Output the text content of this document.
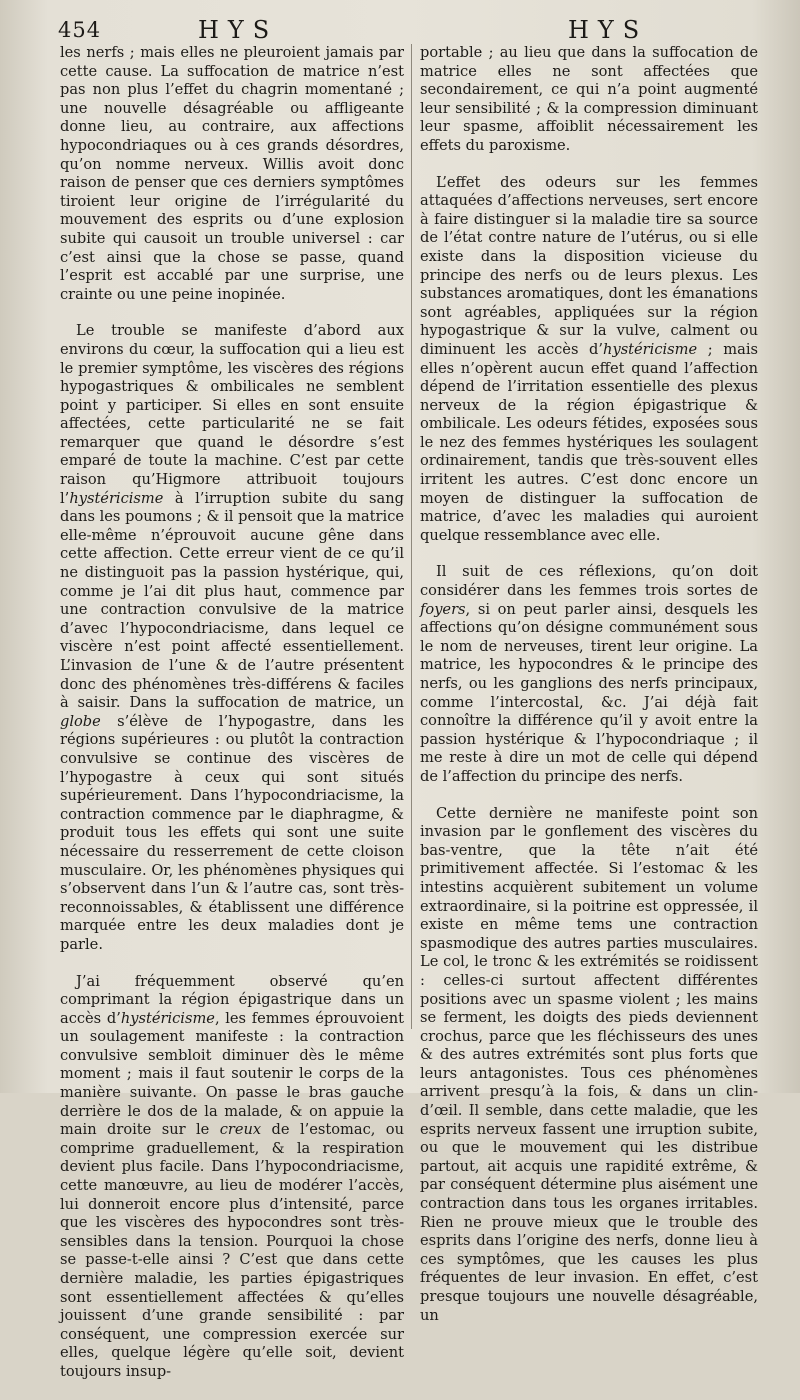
454	HYS	HYS

les nerfs ; mais elles ne pleuroient jamais par cette cause. La suffocation de matrice n’est pas non plus l’effet du chagrin momentané ; une nouvelle désagréable ou affligeante donne lieu, au contraire, aux affections hypocondriaques ou à ces grands désordres, qu’on nomme nerveux. Willis avoit donc raison de penser que ces derniers symptômes tiroient leur origine de l’irrégularité du mouvement des esprits ou d’une explosion subite qui causoit un trouble universel : car c’est ainsi que la chose se passe, quand l’esprit est accablé par une surprise, une crainte ou une peine inopinée.

Le trouble se manifeste d’abord aux environs du cœur, la suffocation qui a lieu est le premier symptôme, les viscères des régions hypogastriques & ombilicales ne semblent point y participer. Si elles en sont ensuite affectées, cette particularité ne se fait remarquer que quand le désordre s’est emparé de toute la machine. C’est par cette raison qu’Higmore attribuoit toujours l’hystéricisme à l’irruption subite du sang dans les poumons ; & il pensoit que la matrice elle-même n’éprouvoit aucune gêne dans cette affection. Cette erreur vient de ce qu’il ne distinguoit pas la passion hystérique, qui, comme je l’ai dit plus haut, commence par une contraction convulsive de la matrice d’avec l’hypocondriacisme, dans lequel ce viscère n’est point affecté essentiellement. L’invasion de l’une & de l’autre présentent donc des phénomènes très-différens & faciles à saisir. Dans la suffocation de matrice, un globe s’élève de l’hypogastre, dans les régions supérieures : ou plutôt la contraction convulsive se continue des viscères de l’hypogastre à ceux qui sont situés supérieurement. Dans l’hypocondriacisme, la contraction commence par le diaphragme, & produit tous les effets qui sont une suite nécessaire du resserrement de cette cloison musculaire. Or, les phénomènes physiques qui s’observent dans l’un & l’autre cas, sont très-reconnoissables, & établissent une différence marquée entre les deux maladies dont je parle.

J’ai fréquemment observé qu’en comprimant la région épigastrique dans un accès d’hystéricisme, les femmes éprouvoient un soulagement manifeste : la contraction convulsive sembloit diminuer dès le même moment ; mais il faut soutenir le corps de la manière suivante. On passe le bras gauche derrière le dos de la malade, & on appuie la main droite sur le creux de l’estomac, ou comprime graduellement, & la respiration devient plus facile. Dans l’hypocondriacisme, cette manœuvre, au lieu de modérer l’accès, lui donneroit encore plus d’intensité, parce que les viscères des hypocondres sont très-sensibles dans la tension. Pourquoi la chose se passe-t-elle ainsi ? C’est que dans cette dernière maladie, les parties épigastriques sont essentiellement affectées & qu’elles jouissent d’une grande sensibilité : par conséquent, une compression exercée sur elles, quelque légère qu’elle soit, devient toujours insup-

portable ; au lieu que dans la suffocation de matrice elles ne sont affectées que secondairement, ce qui n’a point augmenté leur sensibilité ; & la compression diminuant leur spasme, affoiblit nécessairement les effets du paroxisme.

L’effet des odeurs sur les femmes attaquées d’affections nerveuses, sert encore à faire distinguer si la maladie tire sa source de l’état contre nature de l’utérus, ou si elle existe dans la disposition vicieuse du principe des nerfs ou de leurs plexus. Les substances aromatiques, dont les émanations sont agréables, appliquées sur la région hypogastrique & sur la vulve, calment ou diminuent les accès d’hystéricisme ; mais elles n’opèrent aucun effet quand l’affection dépend de l’irritation essentielle des plexus nerveux de la région épigastrique & ombilicale. Les odeurs fétides, exposées sous le nez des femmes hystériques les soulagent ordinairement, tandis que très-souvent elles irritent les autres. C’est donc encore un moyen de distinguer la suffocation de matrice, d’avec les maladies qui auroient quelque ressemblance avec elle.

Il suit de ces réflexions, qu’on doit considérer dans les femmes trois sortes de foyers, si on peut parler ainsi, desquels les affections qu’on désigne communément sous le nom de nerveuses, tirent leur origine. La matrice, les hypocondres & le principe des nerfs, ou les ganglions des nerfs principaux, comme l’intercostal, &c. J’ai déjà fait connoître la différence qu’il y avoit entre la passion hystérique & l’hypocondriaque ; il me reste à dire un mot de celle qui dépend de l’affection du principe des nerfs.

Cette dernière ne manifeste point son invasion par le gonflement des viscères du bas-ventre, que la tête n’ait été primitivement affectée. Si l’estomac & les intestins acquièrent subitement un volume extraordinaire, si la poitrine est oppressée, il existe en même tems une contraction spasmodique des autres parties musculaires. Le col, le tronc & les extrémités se roidissent : celles-ci surtout affectent différentes positions avec un spasme violent ; les mains se ferment, les doigts des pieds deviennent crochus, parce que les fléchisseurs des unes & des autres extrémités sont plus forts que leurs antagonistes. Tous ces phénomènes arrivent presqu’à la fois, & dans un clin-d’œil. Il semble, dans cette maladie, que les esprits nerveux fassent une irruption subite, ou que le mouvement qui les distribue partout, ait acquis une rapidité extrême, & par conséquent détermine plus aisément une contraction dans tous les organes irritables. Rien ne prouve mieux que le trouble des esprits dans l’origine des nerfs, donne lieu à ces symptômes, que les causes les plus fréquentes de leur invasion. En effet, c’est presque toujours une nouvelle désagréable, un
